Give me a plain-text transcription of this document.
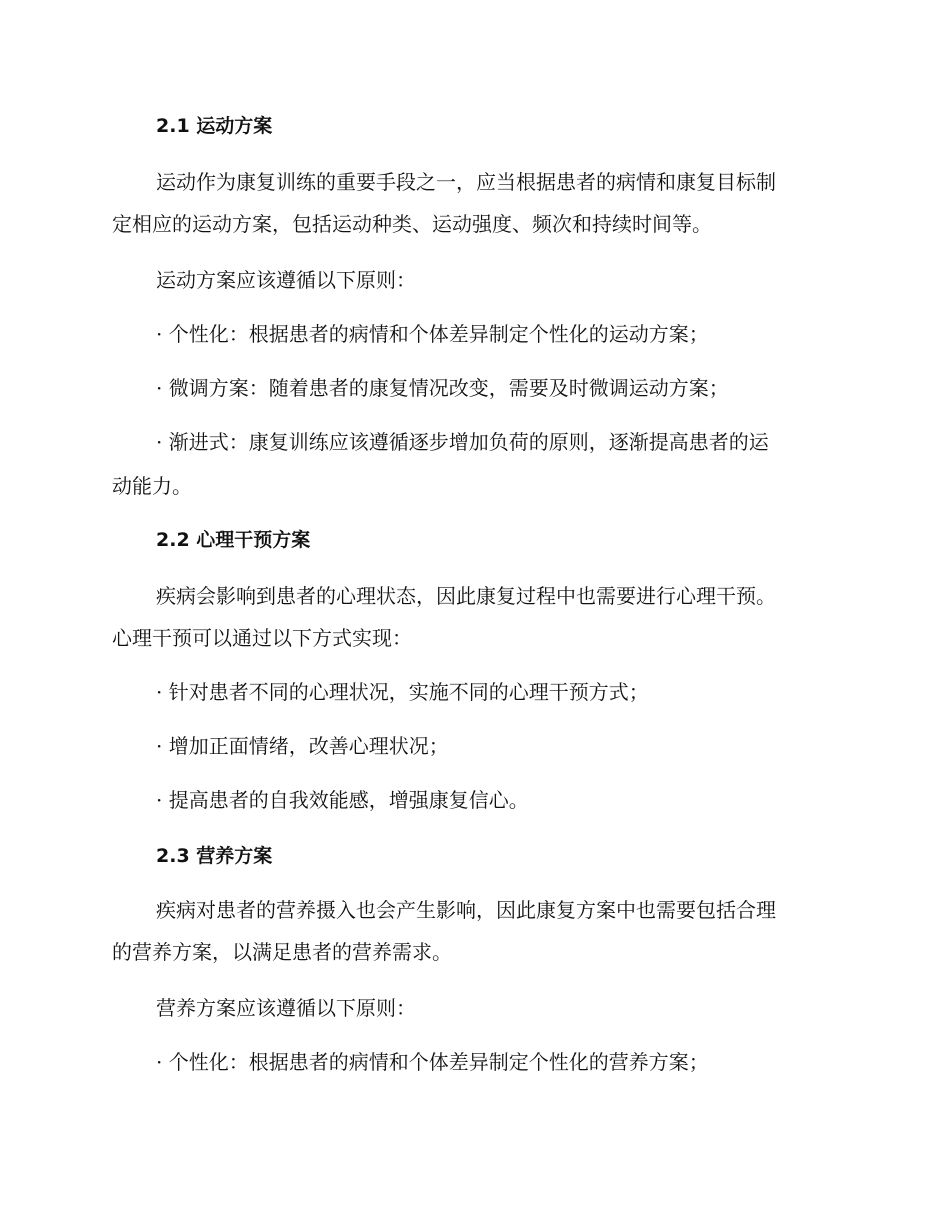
2.1 运动方案

运动作为康复训练的重要手段之一，应当根据患者的病情和康复目标制

定相应的运动方案，包括运动种类、运动强度、频次和持续时间等。

运动方案应该遵循以下原则：

· 个性化：根据患者的病情和个体差异制定个性化的运动方案；

· 微调方案：随着患者的康复情况改变，需要及时微调运动方案；

· 渐进式：康复训练应该遵循逐步增加负荷的原则，逐渐提高患者的运

动能力。

2.2 心理干预方案

疾病会影响到患者的心理状态，因此康复过程中也需要进行心理干预。

心理干预可以通过以下方式实现：

· 针对患者不同的心理状况，实施不同的心理干预方式；

· 增加正面情绪，改善心理状况；

· 提高患者的自我效能感，增强康复信心。

2.3 营养方案

疾病对患者的营养摄入也会产生影响，因此康复方案中也需要包括合理

的营养方案，以满足患者的营养需求。

营养方案应该遵循以下原则：

· 个性化：根据患者的病情和个体差异制定个性化的营养方案；
